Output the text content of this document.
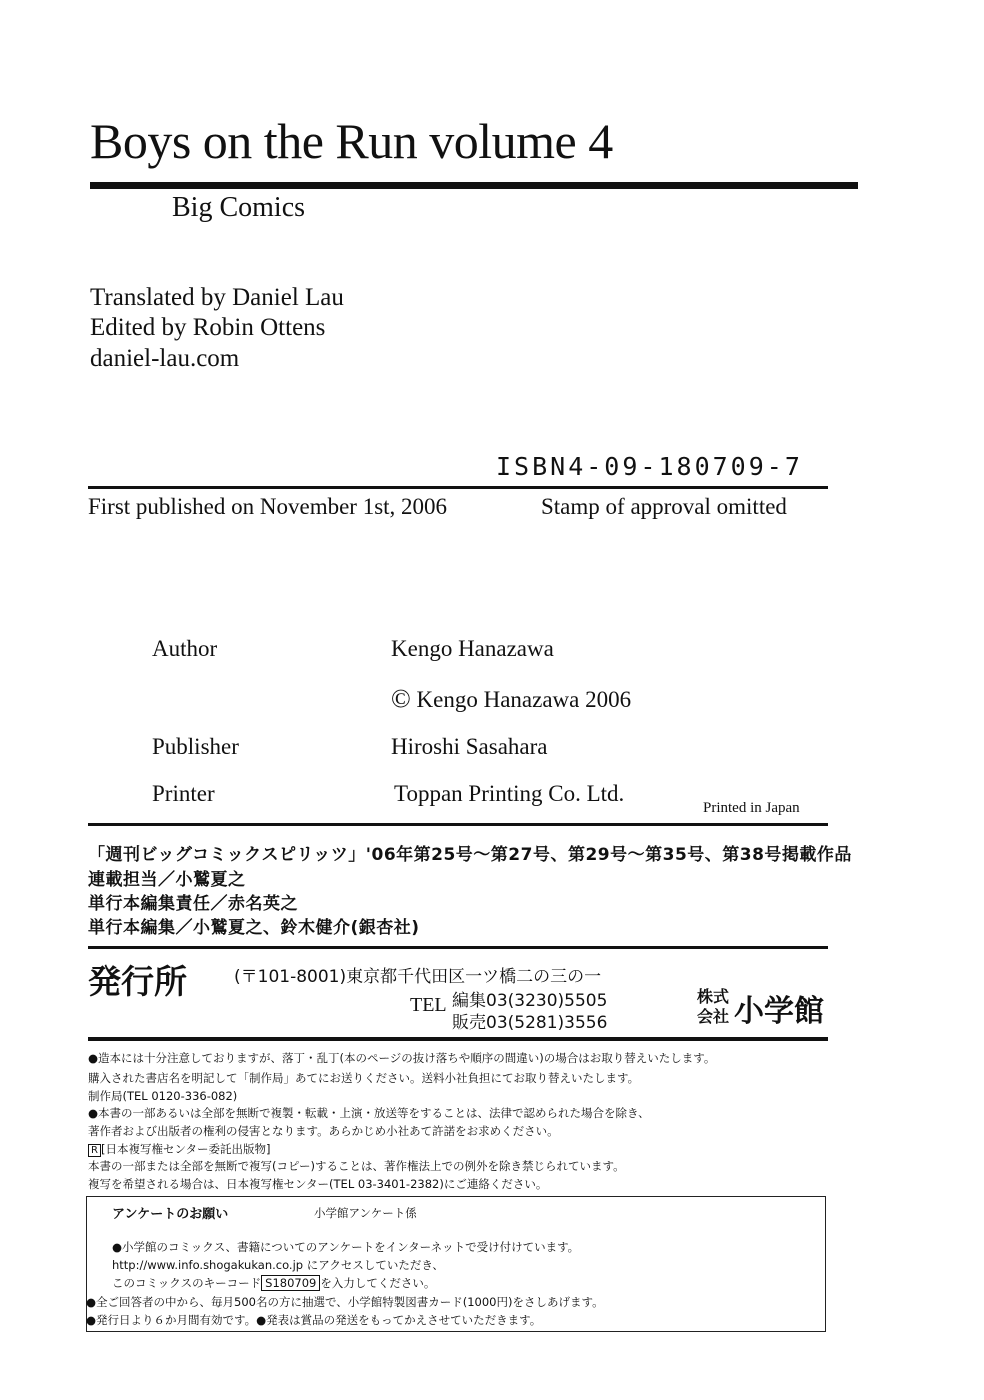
Boys on the Run volume 4
Big Comics
Translated by Daniel Lau
Edited by Robin Ottens
daniel-lau.com
ISBN4-09-180709-7
First published on November 1st, 2006	Stamp of approval omitted
Author	Kengo Hanazawa
© Kengo Hanazawa 2006
Publisher	Hiroshi Sasahara
Printer	Toppan Printing Co. Ltd.
Printed in Japan
「週刊ビッグコミックスピリッツ」'06年第25号～第27号、第29号～第35号、第38号掲載作品
連載担当／小鷲夏之
単行本編集責任／赤名英之
単行本編集／小鷲夏之、鈴木健介(銀杏社)
発行所	(〒101-8001)東京都千代田区一ツ橋二の三の一
TEL 編集03(3230)5505
販売03(5281)3556
株式
会社 小学館
●造本には十分注意しておりますが、落丁・乱丁(本のページの抜け落ちや順序の間違い)の場合はお取り替えいたします。
購入された書店名を明記して「制作局」あてにお送りください。送料小社負担にてお取り替えいたします。
制作局(TEL 0120-336-082)
●本書の一部あるいは全部を無断で複製・転載・上演・放送等をすることは、法律で認められた場合を除き、
著作者および出版者の権利の侵害となります。あらかじめ小社あて許諾をお求めください。
R [日本複写権センター委託出版物]
本書の一部または全部を無断で複写(コピー)することは、著作権法上での例外を除き禁じられています。
複写を希望される場合は、日本複写権センター(TEL 03-3401-2382)にご連絡ください。
アンケートのお願い	小学館アンケート係
●小学館のコミックス、書籍についてのアンケートをインターネットで受け付けています。
http://www.info.shogakukan.co.jp にアクセスしていただき、
このコミックスのキーコード S180709 を入力してください。
●全ご回答者の中から、毎月500名の方に抽選で、小学館特製図書カード(1000円)をさしあげます。
●発行日より６か月間有効です。●発表は賞品の発送をもってかえさせていただきます。
